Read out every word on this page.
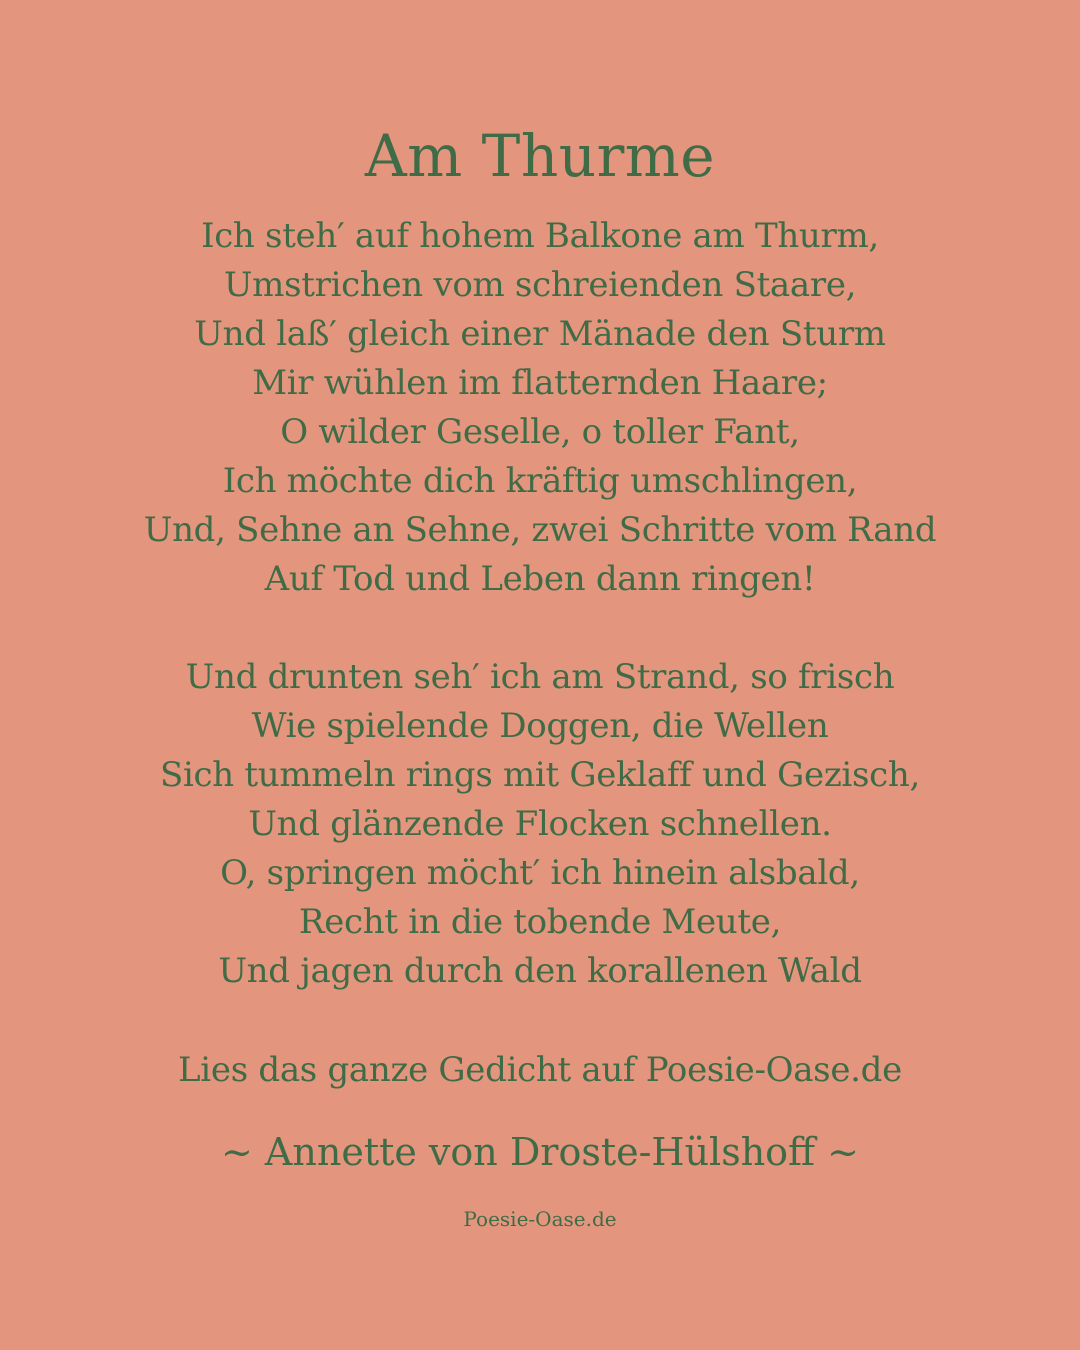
Am Thurme
Ich steh′ auf hohem Balkone am Thurm,
Umstrichen vom schreienden Staare,
Und laß′ gleich einer Mänade den Sturm
Mir wühlen im flatternden Haare;
O wilder Geselle, o toller Fant,
Ich möchte dich kräftig umschlingen,
Und, Sehne an Sehne, zwei Schritte vom Rand
Auf Tod und Leben dann ringen!
Und drunten seh′ ich am Strand, so frisch
Wie spielende Doggen, die Wellen
Sich tummeln rings mit Geklaff und Gezisch,
Und glänzende Flocken schnellen.
O, springen möcht′ ich hinein alsbald,
Recht in die tobende Meute,
Und jagen durch den korallenen Wald
Lies das ganze Gedicht auf Poesie-Oase.de
~ Annette von Droste-Hülshoff ~
Poesie-Oase.de
